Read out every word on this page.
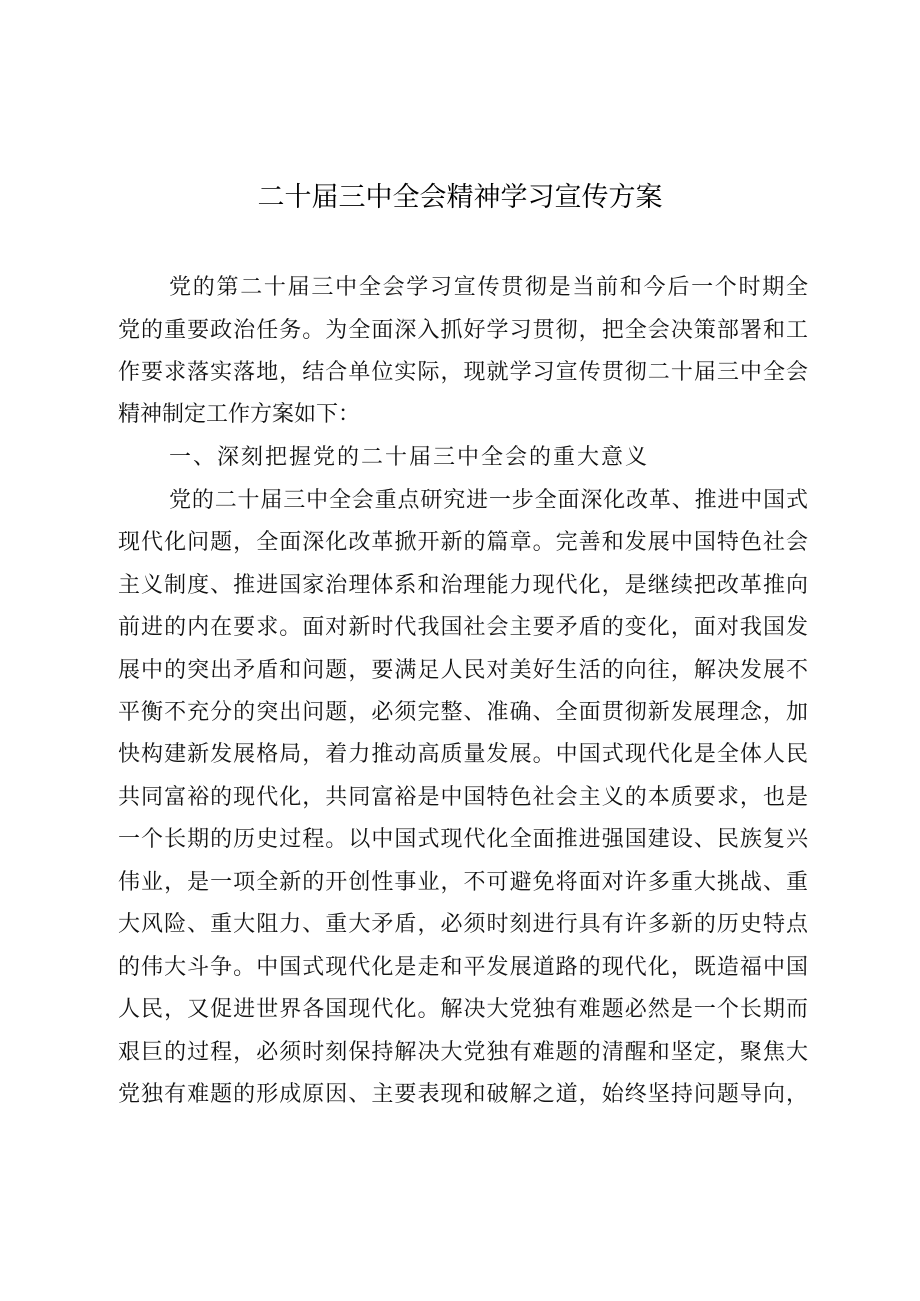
二十届三中全会精神学习宣传方案
党的第二十届三中全会学习宣传贯彻是当前和今后一个时期全
党的重要政治任务。为全面深入抓好学习贯彻，把全会决策部署和工
作要求落实落地，结合单位实际，现就学习宣传贯彻二十届三中全会
精神制定工作方案如下：
一、深刻把握党的二十届三中全会的重大意义
党的二十届三中全会重点研究进一步全面深化改革、推进中国式
现代化问题，全面深化改革掀开新的篇章。完善和发展中国特色社会
主义制度、推进国家治理体系和治理能力现代化，是继续把改革推向
前进的内在要求。面对新时代我国社会主要矛盾的变化，面对我国发
展中的突出矛盾和问题，要满足人民对美好生活的向往，解决发展不
平衡不充分的突出问题，必须完整、准确、全面贯彻新发展理念，加
快构建新发展格局，着力推动高质量发展。中国式现代化是全体人民
共同富裕的现代化，共同富裕是中国特色社会主义的本质要求，也是
一个长期的历史过程。以中国式现代化全面推进强国建设、民族复兴
伟业，是一项全新的开创性事业，不可避免将面对许多重大挑战、重
大风险、重大阻力、重大矛盾，必须时刻进行具有许多新的历史特点
的伟大斗争。中国式现代化是走和平发展道路的现代化，既造福中国
人民，又促进世界各国现代化。解决大党独有难题必然是一个长期而
艰巨的过程，必须时刻保持解决大党独有难题的清醒和坚定，聚焦大
党独有难题的形成原因、主要表现和破解之道，始终坚持问题导向，
